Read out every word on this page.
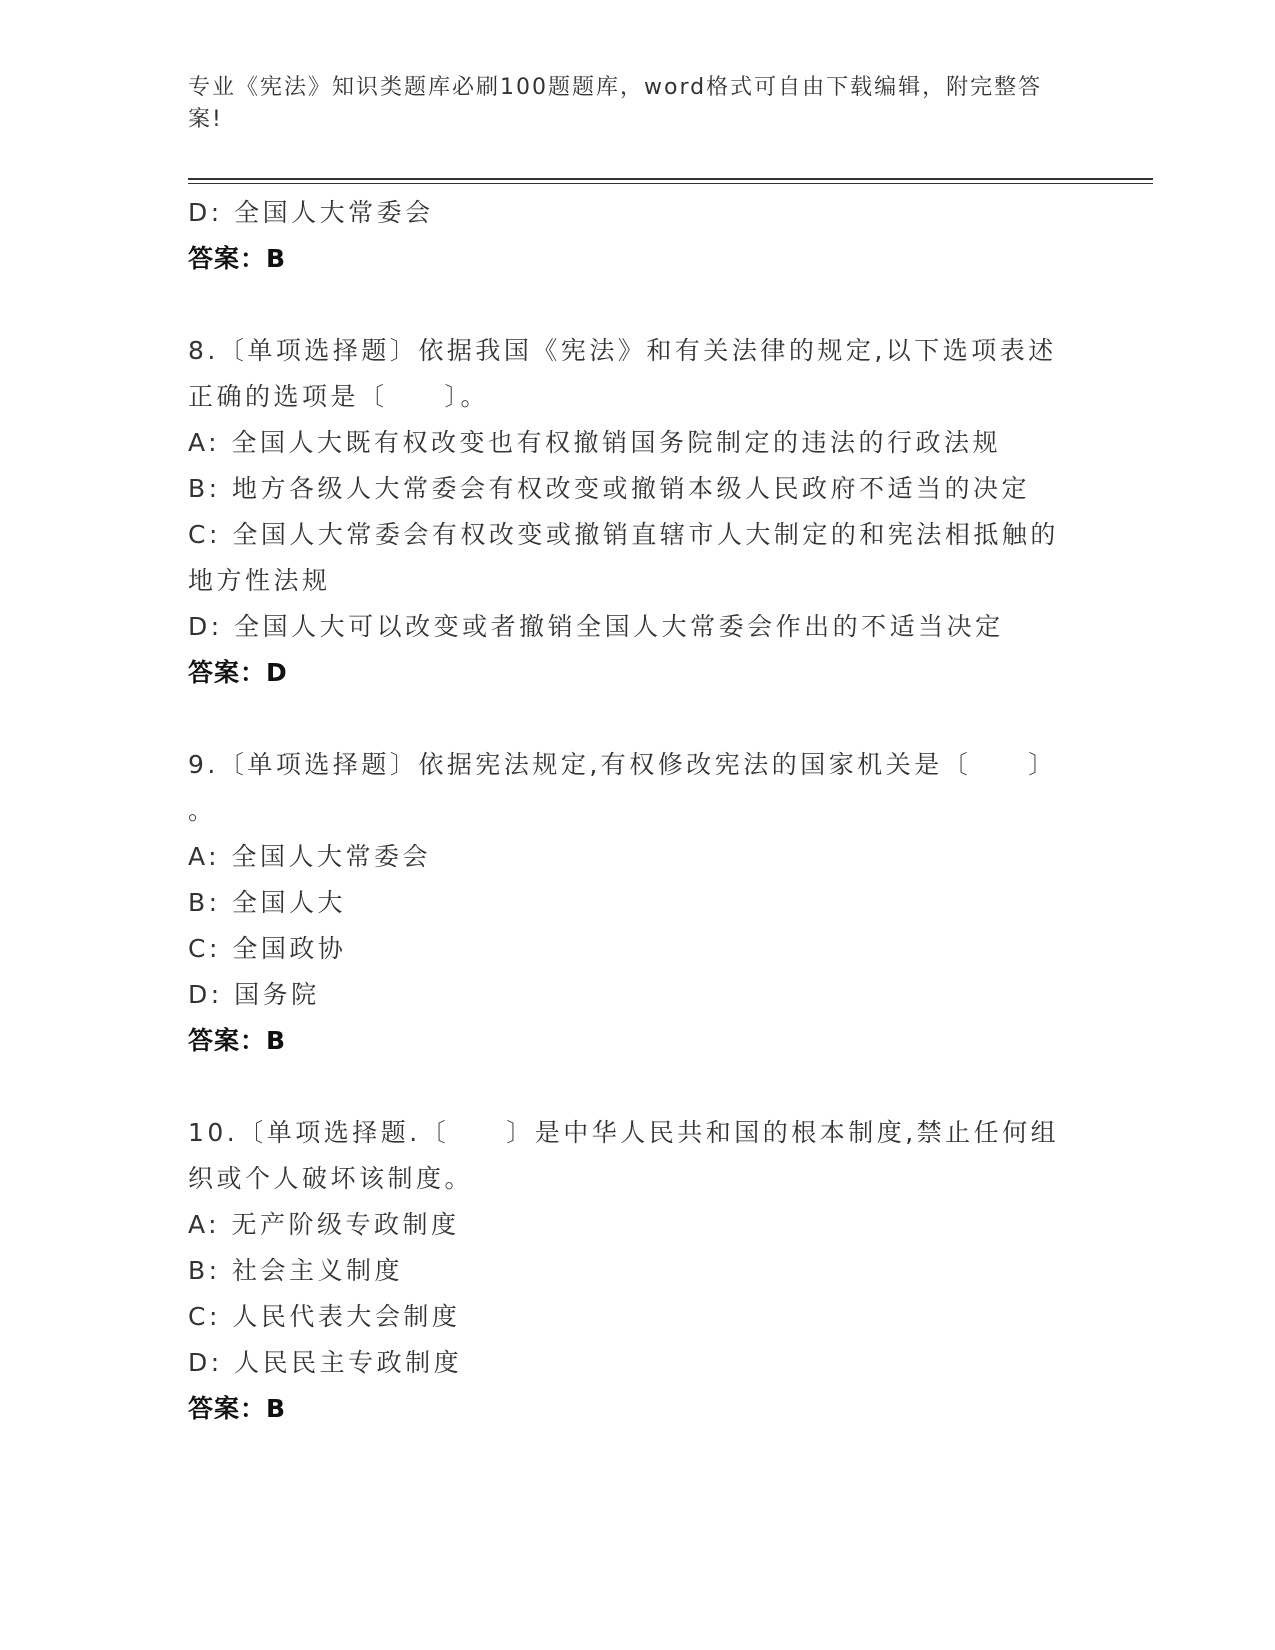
专业《宪法》知识类题库必刷100题题库，word格式可自由下载编辑，附完整答案!
D: 全国人大常委会
答案：B
8.〔单项选择题〕依据我国《宪法》和有关法律的规定,以下选项表述
正确的选项是〔　　〕。
A: 全国人大既有权改变也有权撤销国务院制定的违法的行政法规
B: 地方各级人大常委会有权改变或撤销本级人民政府不适当的决定
C: 全国人大常委会有权改变或撤销直辖市人大制定的和宪法相抵触的
地方性法规
D: 全国人大可以改变或者撤销全国人大常委会作出的不适当决定
答案：D
9.〔单项选择题〕依据宪法规定,有权修改宪法的国家机关是〔　　〕
。
A: 全国人大常委会
B: 全国人大
C: 全国政协
D: 国务院
答案：B
10.〔单项选择题.〔　　〕是中华人民共和国的根本制度,禁止任何组
织或个人破坏该制度。
A: 无产阶级专政制度
B: 社会主义制度
C: 人民代表大会制度
D: 人民民主专政制度
答案：B
